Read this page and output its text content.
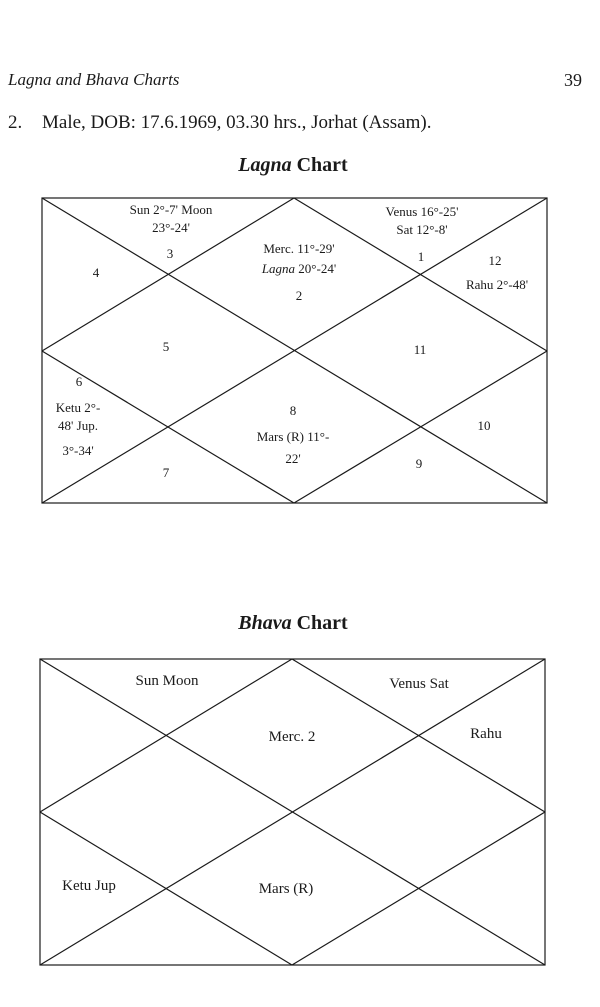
Lagna and Bhava Charts	39
2. Male, DOB: 17.6.1969, 03.30 hrs., Jorhat (Assam).
Lagna Chart
1
2
3
4
5
6
7
8
9
10
11
12
Sun 2°-7' Moon
23°-24'
Venus 16°-25'
Sat 12°-8'
Merc. 11°-29'
Lagna 20°-24'
Rahu 2°-48'
Ketu 2°-
48' Jup.
3°-34'
Mars (R) 11°-
22'
Bhava Chart
Sun Moon	Venus Sat
Merc. 2	Rahu
Ketu Jup	Mars (R)
